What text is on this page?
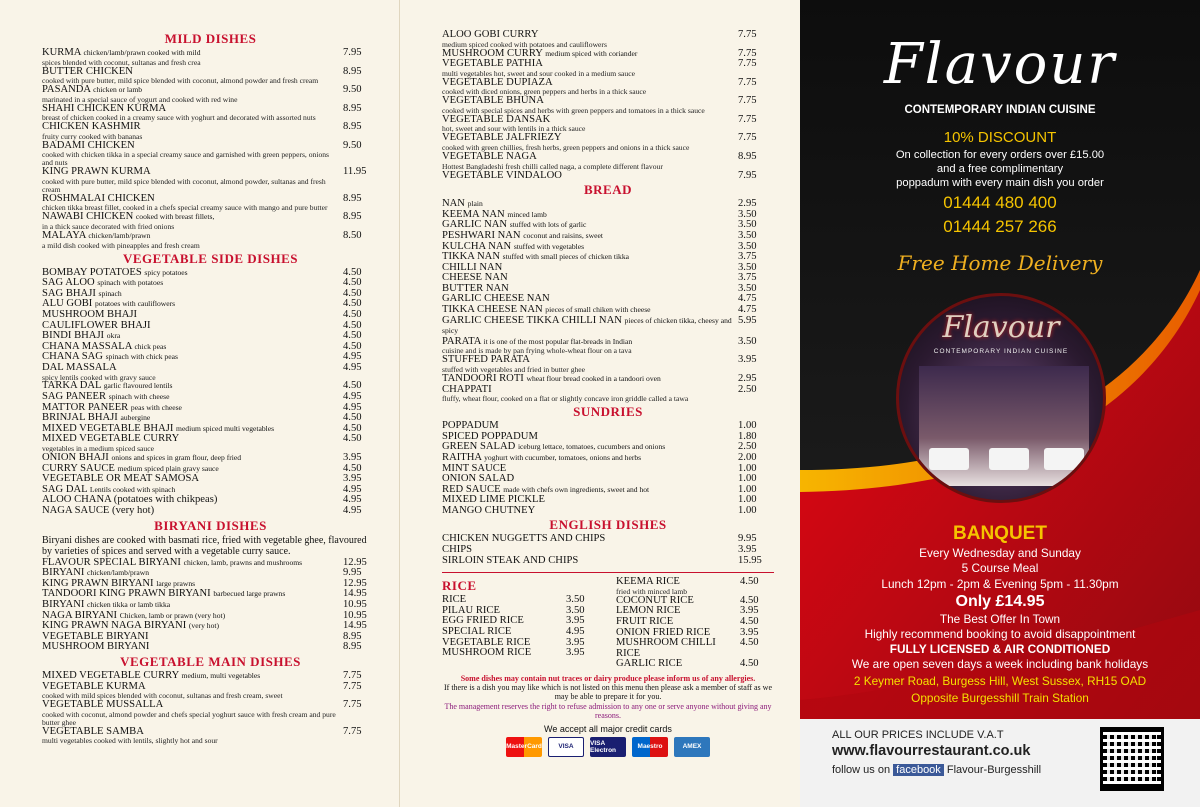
MILD DISHES
KURMA chicken/lamb/prawn cooked with mild
spices blended with coconut, sultanas and fresh crea
7.95
BUTTER CHICKEN
cooked with pure butter, mild spice blended with coconut, almond powder and fresh cream
8.95
PASANDA chicken or lamb
marinated in a special sauce of yogurt and cooked with red wine
9.50
SHAHI CHICKEN KURMA
breast of chicken cooked in a creamy sauce with yoghurt and decorated with assorted nuts
8.95
CHICKEN KASHMIR
fruity curry cooked with bananas
8.95
BADAMI CHICKEN
cooked with chicken tikka in a special creamy sauce and garnished with green peppers, onions and nuts
9.50
KING PRAWN KURMA
cooked with pure butter, mild spice blended with coconut, almond powder, sultanas and fresh cream
11.95
ROSHMALAI CHICKEN
chicken tikka breast fillet, cooked in a chefs special creamy sauce with mango and pure butter
8.95
NAWABI CHICKEN cooked with breast fillets,
in a thick sauce decorated with fried onions
8.95
MALAYA chicken/lamb/prawn
a mild dish cooked with pineapples and fresh cream
8.50
VEGETABLE SIDE DISHES
BOMBAY POTATOES spicy potatoes	4.50
SAG ALOO spinach with potatoes	4.50
SAG BHAJI spinach	4.50
ALU GOBI potatoes with cauliflowers	4.50
MUSHROOM BHAJI	4.50
CAULIFLOWER BHAJI	4.50
BINDI BHAJI okra	4.50
CHANA MASSALA chick peas	4.50
CHANA SAG spinach with chick peas	4.95
DAL MASSALA
spicy lentils cooked with gravy sauce
4.95
TARKA DAL garlic flavoured lentils	4.50
SAG PANEER spinach with cheese	4.95
MATTOR PANEER peas with cheese	4.95
BRINJAL BHAJI aubergine	4.50
MIXED VEGETABLE BHAJI medium spiced multi vegetables	4.50
MIXED VEGETABLE CURRY
vegetables in a medium spiced sauce
4.50
ONION BHAJI onions and spices in gram flour, deep fried	3.95
CURRY SAUCE medium spiced plain gravy sauce	4.50
VEGETABLE OR MEAT SAMOSA	3.95
SAG DAL Lentils cooked with spinach	4.95
ALOO CHANA (potatoes with chikpeas)	4.95
NAGA SAUCE (very hot)	4.95
BIRYANI DISHES
Biryani dishes are cooked with basmati rice, fried with vegetable ghee, flavoured by varieties of spices and served with a vegetable curry sauce.
FLAVOUR SPECIAL BIRYANI chicken, lamb, prawns and mushrooms	12.95
BIRYANI chicken/lamb/prawn	9.95
KING PRAWN BIRYANI large prawns	12.95
TANDOORI KING PRAWN BIRYANI barbecued large prawns	14.95
BIRYANI chicken tikka or lamb tikka	10.95
NAGA BIRYANI Chicken, lamb or prawn (very hot)	10.95
KING PRAWN NAGA BIRYANI (very hot)	14.95
VEGETABLE BIRYANI	8.95
MUSHROOM BIRYANI	8.95
VEGETABLE MAIN DISHES
MIXED VEGETABLE CURRY medium, multi vegetables	7.75
VEGETABLE KURMA
cooked with mild spices blended with coconut, sultanas and fresh cream, sweet
7.75
VEGETABLE MUSSALLA
cooked with coconut, almond powder and chefs special yoghurt sauce with fresh cream and pure butter ghee
7.75
VEGETABLE SAMBA
multi vegetables cooked with lentils, slightly hot and sour
7.75
ALOO GOBI CURRY
medium spiced cooked with potatoes and cauliflowers
7.75
MUSHROOM CURRY medium spiced with coriander	7.75
VEGETABLE PATHIA
multi vegetables hot, sweet and sour cooked in a medium sauce
7.75
VEGETABLE DUPIAZA
cooked with diced onions, green peppers and herbs in a thick sauce
7.75
VEGETABLE BHUNA
cooked with special spices and herbs with green peppers and tomatoes in a thick sauce
7.75
VEGETABLE DANSAK
hot, sweet and sour with lentils in a thick sauce
7.75
VEGETABLE JALFRIEZY
cooked with green chillies, fresh herbs, green peppers and onions in a thick sauce
7.75
VEGETABLE NAGA
Hottest Bangladeshi fresh chilli called naga, a complete different flavour
8.95
VEGETABLE VINDALOO	7.95
BREAD
NAN plain	2.95
KEEMA NAN minced lamb	3.50
GARLIC NAN stuffed with lots of garlic	3.50
PESHWARI NAN coconut and raisins, sweet	3.50
KULCHA NAN stuffed with vegetables	3.50
TIKKA NAN stuffed with small pieces of chicken tikka	3.75
CHILLI NAN	3.50
CHEESE NAN	3.75
BUTTER NAN	3.50
GARLIC CHEESE NAN	4.75
TIKKA CHEESE NAN pieces of small chiken with cheese	4.75
GARLIC CHEESE TIKKA CHILLI NAN pieces of chicken tikka, cheesy and spicy
5.95
PARATA it is one of the most popular flat-breads in Indian
cuisine and is made by pan frying whole-wheat flour on a tava
3.50
STUFFED PARATA
stuffed with vegetables and fried in butter ghee
3.95
TANDOORI ROTI wheat flour bread cooked in a tandoori oven	2.95
CHAPPATI
fluffy, wheat flour, cooked on a flat or slightly concave iron griddle called a tawa
2.50
SUNDRIES
POPPADUM	1.00
SPICED POPPADUM	1.80
GREEN SALAD iceburg lettace, tomatoes, cucumbers and onions	2.50
RAITHA yoghurt with cucumber, tomatoes, onions and herbs	2.00
MINT SAUCE	1.00
ONION SALAD	1.00
RED SAUCE made with chefs own ingredients, sweet and hot	1.00
MIXED LIME PICKLE	1.00
MANGO CHUTNEY	1.00
ENGLISH DISHES
CHICKEN NUGGETTS AND CHIPS	9.95
CHIPS	3.95
SIRLOIN STEAK AND CHIPS	15.95
RICE
RICE	3.50
PILAU RICE	3.50
EGG FRIED RICE	3.95
SPECIAL RICE	4.95
VEGETABLE RICE	3.95
MUSHROOM RICE	3.95
KEEMA RICE
fried with minced lamb
4.50
COCONUT RICE	4.50
LEMON RICE	3.95
FRUIT RICE	4.50
ONION FRIED RICE	3.95
MUSHROOM CHILLI RICE
4.50
GARLIC RICE	4.50
Some dishes may contain nut traces or dairy produce please inform us of any allergies.
If there is a dish you may like which is not listed on this menu then please ask a member of staff as we may be able to prepare it for you.
The management reserves the right to refuse admission to any one or serve anyone without giving any reasons.
We accept all major credit cards
MasterCard	VISA	VISA Electron	Maestro	AMEX
Flavour
CONTEMPORARY INDIAN CUISINE
10% DISCOUNT
On collection for every orders over £15.00
and a free complimentary
poppadum with every main dish you order
01444 480 400
01444 257 266
Free Home Delivery
Flavour
CONTEMPORARY INDIAN CUISINE
BANQUET
Every Wednesday and Sunday
5 Course Meal
Lunch 12pm - 2pm & Evening 5pm - 11.30pm
Only £14.95
The Best Offer In Town
Highly recommend booking to avoid disappointment
FULLY LICENSED & AIR CONDITIONED
We are open seven days a week including bank holidays
2 Keymer Road, Burgess Hill, West Sussex, RH15 OAD
Opposite Burgesshill Train Station
ALL OUR PRICES INCLUDE V.A.T
www.flavourrestaurant.co.uk
follow us on facebook Flavour-Burgesshill
